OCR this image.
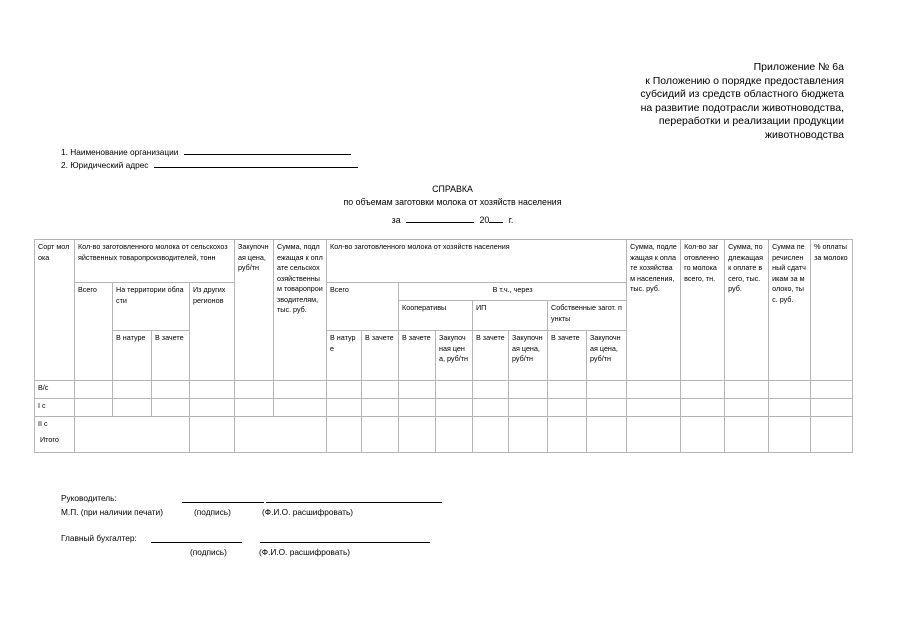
Приложение № 6а
к Положению о порядке предоставления
субсидий из средств областного бюджета
на развитие подотрасли животноводства,
переработки и реализации продукции
животноводства
1. Наименование организации
2. Юридический адрес
СПРАВКА
по объемам заготовки молока от хозяйств населения
за	20 г.
Сорт молока	Кол-во заготовленного молока от сельскохозяйственных товаропроизводителей, тонн				Закупочная цена, руб/тн	Сумма, подлежащая к оплате сельскохозяйственным товаропроизводителям, тыс. руб.	Кол-во заготовленного молока от хозяйств населения								Сумма, подлежащая к оплате хозяйствам населения, тыс. руб.	Кол-во заготовленного молока всего, тн.	Сумма, подлежащая к оплате всего, тыс. руб.	Сумма перечисленный сдатчикам за молоко, тыс. руб.	% оплаты за молоко
	Всего	На территории области		Из других регионов			Всего		В т.ч., через										
									Кооперативы		ИП		Собственные загот. пункты						
		В натуре	В зачете				В натуре	В зачете	В зачете	Закупочная цена, руб/тн	В зачете	Закупочная цена, руб/тн	В зачете	Закупочная цена, руб/тн					
В/с																			
I с																			

II с
Итого																			

Руководитель:
М.П. (при наличии печати)	(подпись)	(Ф.И.О. расшифровать)
Главный бухгалтер:
(подпись)	(Ф.И.О. расшифровать)
